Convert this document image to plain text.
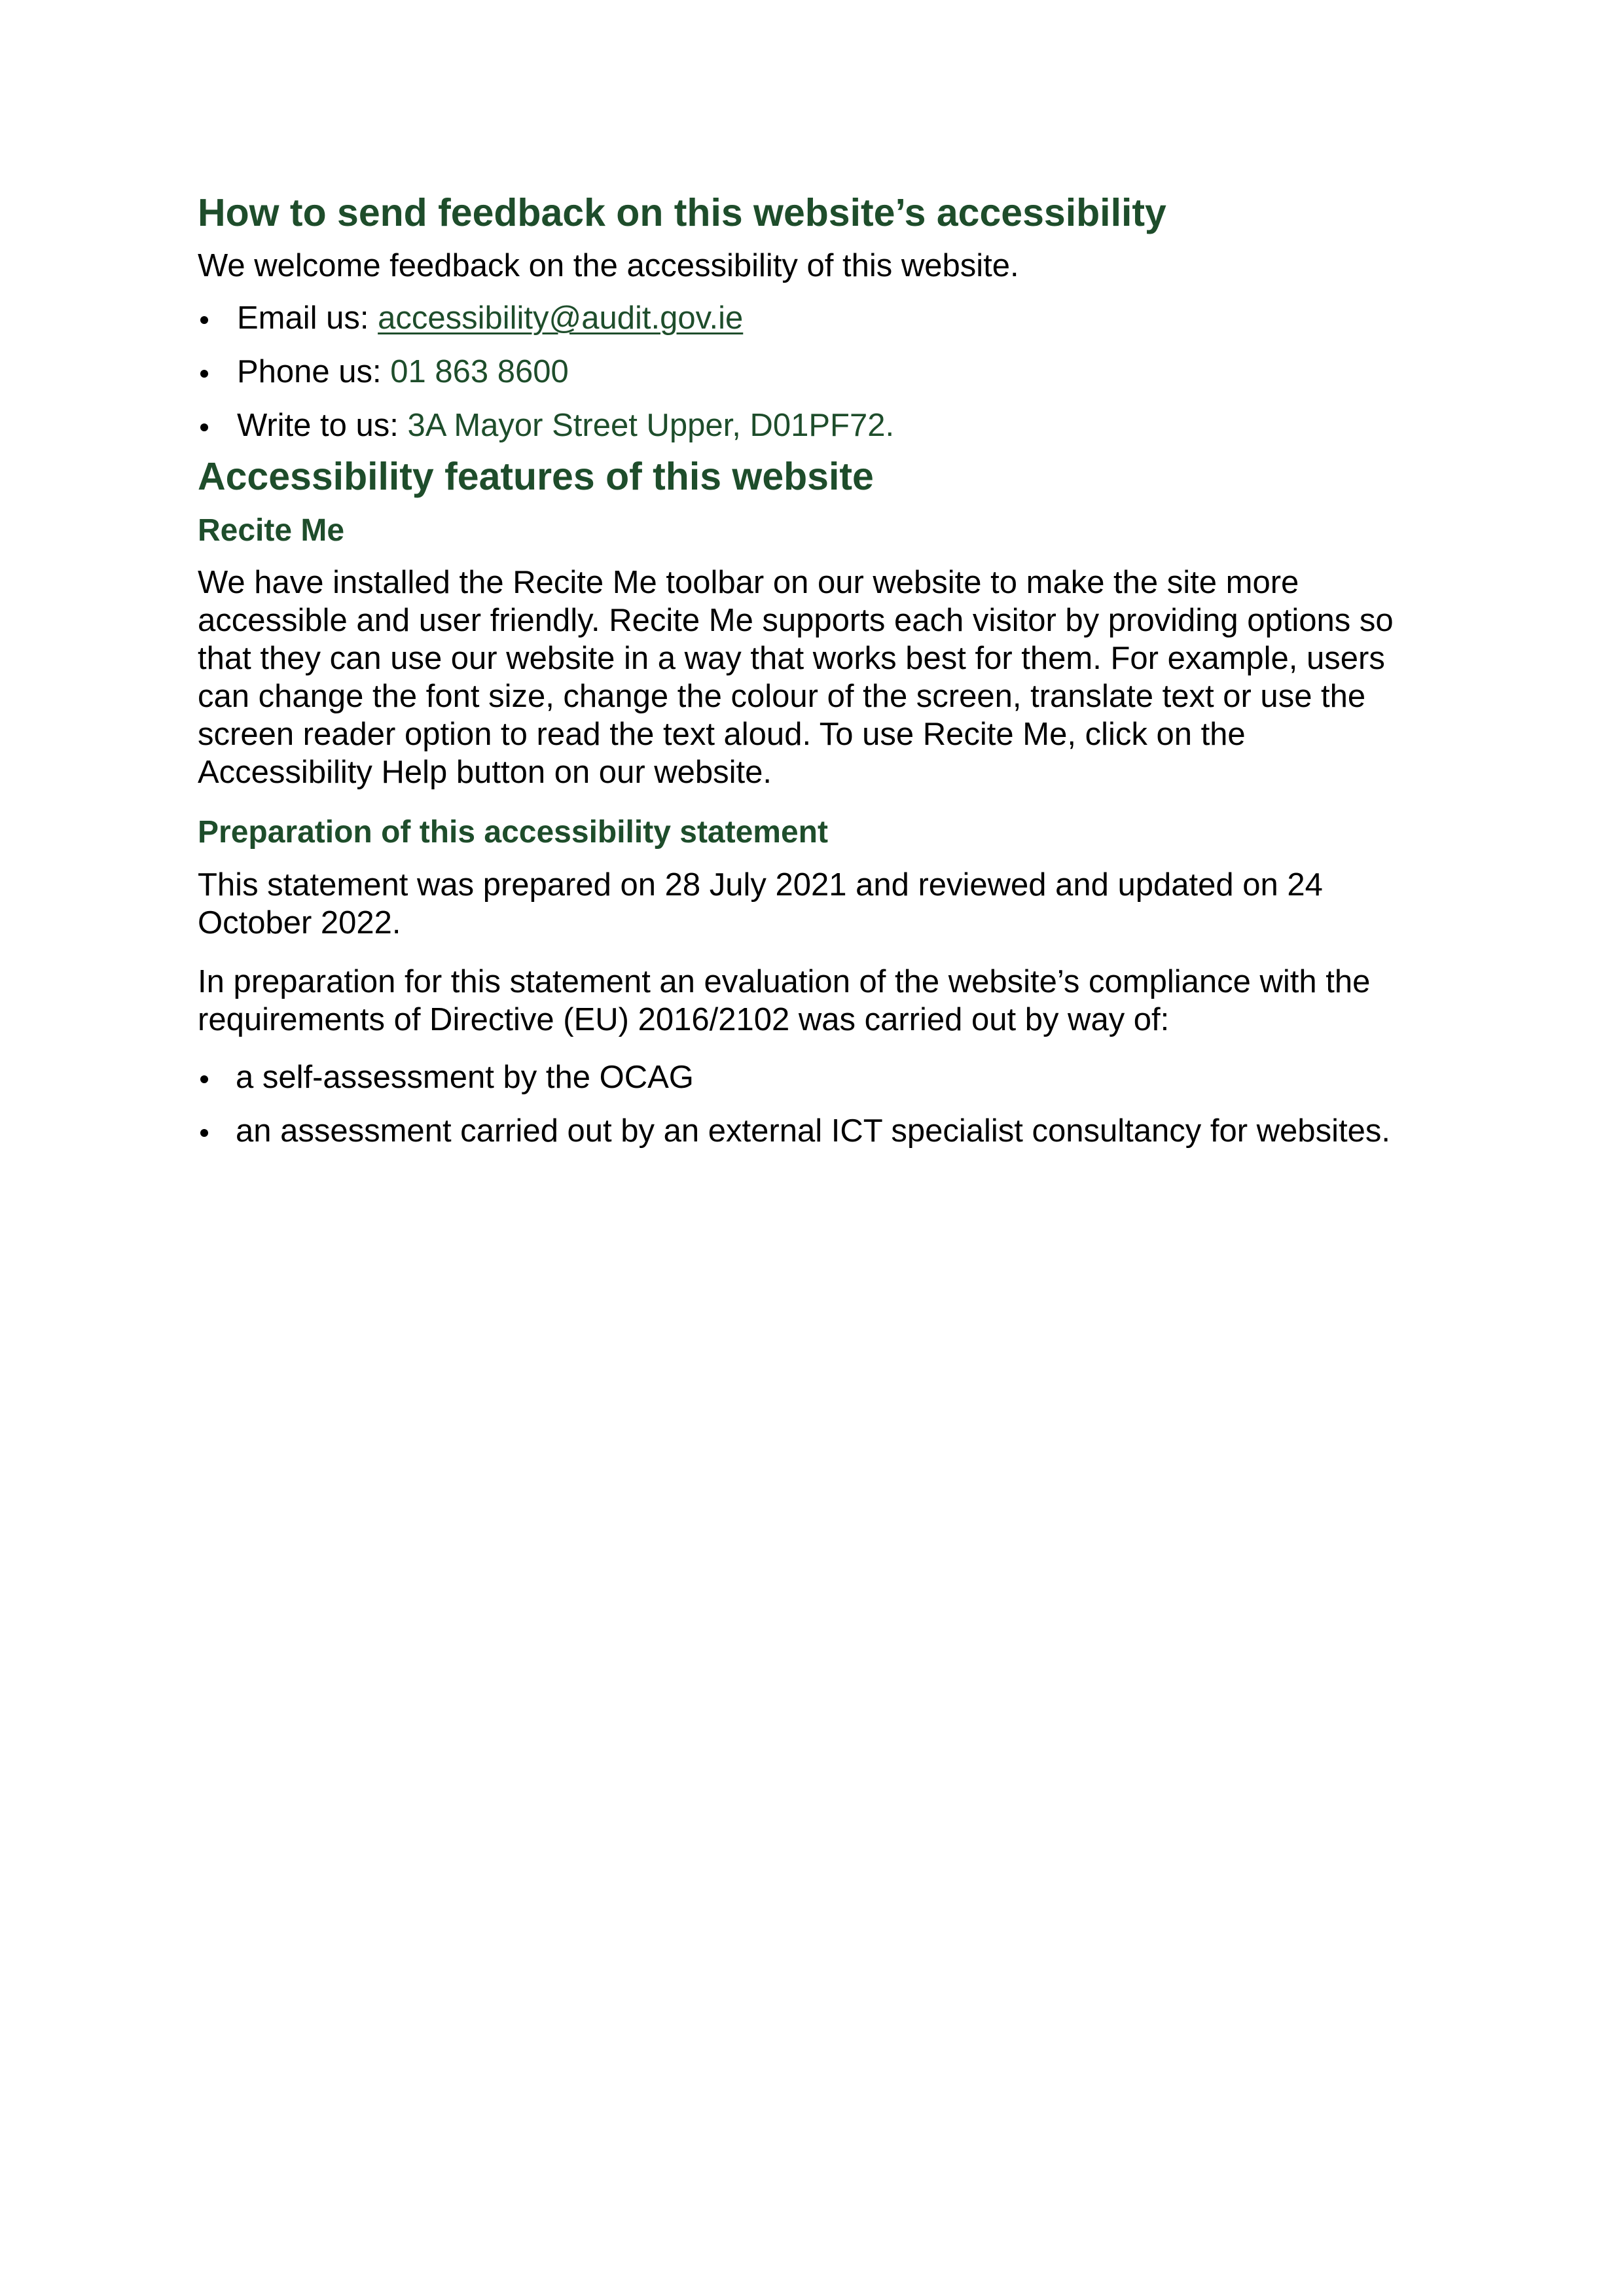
How to send feedback on this website’s accessibility

We welcome feedback on the accessibility of this website.

Email us: accessibility@audit.gov.ie
Phone us: 01 863 8600
Write to us: 3A Mayor Street Upper, D01PF72.
Accessibility features of this website
Recite Me

We have installed the Recite Me toolbar on our website to make the site more
accessible and user friendly. Recite Me supports each visitor by providing options so
that they can use our website in a way that works best for them. For example, users
can change the font size, change the colour of the screen, translate text or use the
screen reader option to read the text aloud. To use Recite Me, click on the
Accessibility Help button on our website.

Preparation of this accessibility statement

This statement was prepared on 28 July 2021 and reviewed and updated on 24
October 2022.

In preparation for this statement an evaluation of the website’s compliance with the
requirements of Directive (EU) 2016/2102 was carried out by way of:

a self-assessment by the OCAG
an assessment carried out by an external ICT specialist consultancy for websites.
